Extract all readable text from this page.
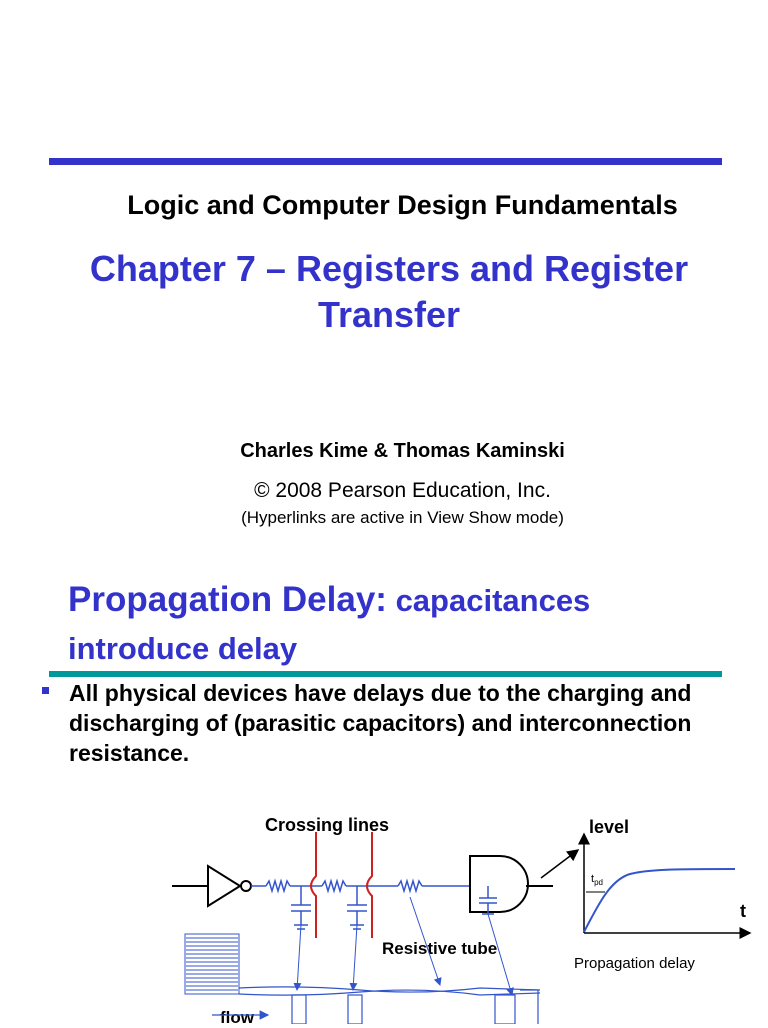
Logic and Computer Design Fundamentals
Chapter 7 – Registers and Register Transfer
Charles Kime & Thomas Kaminski
© 2008 Pearson Education, Inc.
(Hyperlinks are active in View Show mode)
Propagation Delay: capacitances introduce delay
All physical devices have delays due to the charging and discharging of (parasitic capacitors) and interconnection resistance.
Crossing lines
Resistive tube
flow
level
t
Propagation delay
$t_{pd}$
